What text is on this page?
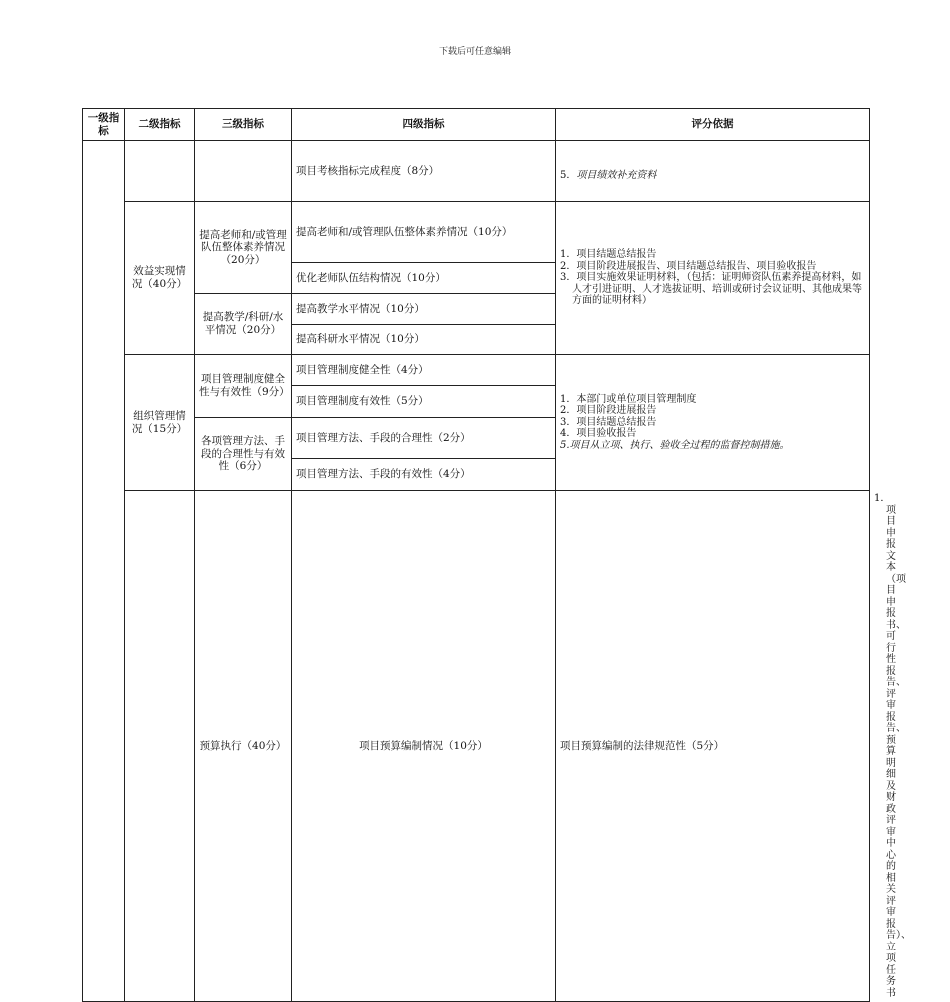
下载后可任意编辑
一级指标	二级指标	三级指标	四级指标	评分依据	
			项目考核指标完成程度（8分）	5．项目绩效补充资料	

	效益实现情况（40分）	提高老师和/或管理队伍整体素养情况（20分）	提高老师和/或管理队伍整体素养情况（10分）	1．项目结题总结报告
2．项目阶段进展报告、项目结题总结报告、项目验收报告
3．项目实施效果证明材料，（包括：证明师资队伍素养提高材料，如人才引进证明、人才选拔证明、培训或研讨会议证明、其他成果等方面的证明材料）	

			优化老师队伍结构情况（10分）		
		提高教学/科研/水平情况（20分）	提高教学水平情况（10分）		
			提高科研水平情况（10分）		
	组织管理情况（15分）	项目管理制度健全性与有效性（9分）	项目管理制度健全性（4分）	1．本部门或单位项目管理制度
2．项目阶段进展报告
3．项目结题总结报告
4．项目验收报告
5.项目从立项、执行、验收全过程的监督控制措施。	

			项目管理制度有效性（5分）		
		各项管理方法、手段的合理性与有效性（6分）	项目管理方法、手段的合理性（2分）		
			项目管理方法、手段的有效性（4分）		
		预算执行（40分）	项目预算编制情况（10分）	项目预算编制的法律规范性（5分）	1．项目申报文本（项目申报书、可行性报告、评审报告、预算明细及财政评审中心的相关评审报告）、立项任务书
